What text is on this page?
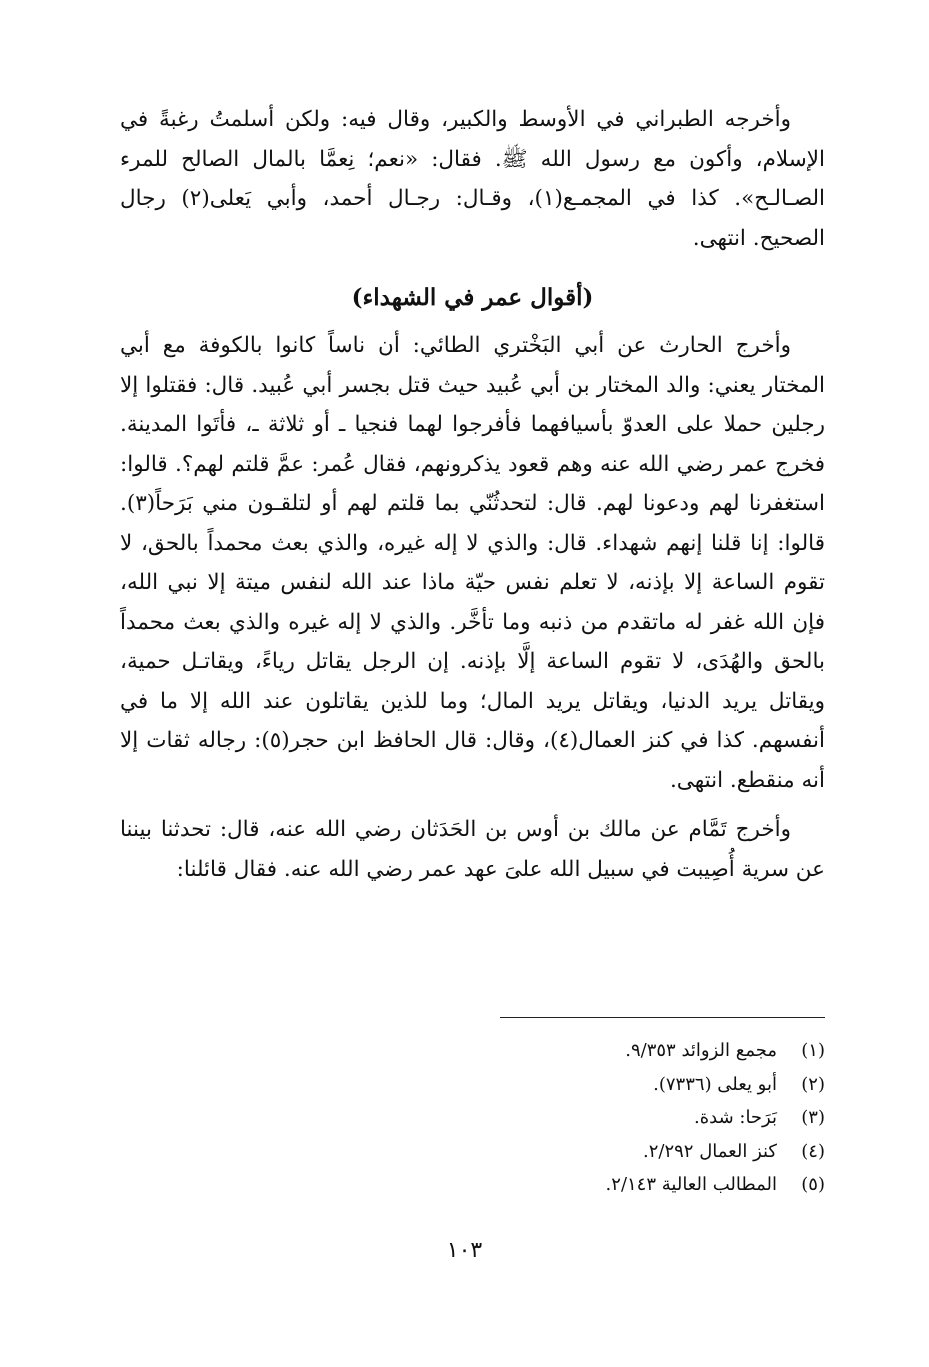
وأخرجه الطبراني في الأوسط والكبير، وقال فيه: ولكن أسلمتُ رغبةً في الإسلام، وأكون مع رسول الله ﷺ. فقال: «نعم؛ نِعمَّا بالمال الصالح للمرء الصـالـح». كذا في المجمـع(١)، وقـال: رجـال أحمد، وأبي يَعلى(٢) رجال الصحيح. انتهى.

(أقوال عمر في الشهداء)

وأخرج الحارث عن أبي البَخْتري الطائي: أن ناساً كانوا بالكوفة مع أبي المختار يعني: والد المختار بن أبي عُبيد حيث قتل بجسر أبي عُبيد. قال: فقتلوا إلا رجلين حملا على العدوّ بأسيافهما فأفرجوا لهما فنجيا ـ أو ثلاثة ـ، فأتَوا المدينة. فخرج عمر رضي الله عنه وهم قعود يذكرونهم، فقال عُمر: عمَّ قلتم لهم؟. قالوا: استغفرنا لهم ودعونا لهم. قال: لتحدثُنّي بما قلتم لهم أو لتلقـون مني بَرَحاً(٣). قالوا: إنا قلنا إنهم شهداء. قال: والذي لا إله غيره، والذي بعث محمداً بالحق، لا تقوم الساعة إلا بإذنه، لا تعلم نفس حيّة ماذا عند الله لنفس ميتة إلا نبي الله، فإن الله غفر له ماتقدم من ذنبه وما تأخَّر. والذي لا إله غيره والذي بعث محمداً بالحق والهُدَى، لا تقوم الساعة إلَّا بإذنه. إن الرجل يقاتل رياءً، ويقاتـل حمية، ويقاتل يريد الدنيا، ويقاتل يريد المال؛ وما للذين يقاتلون عند الله إلا ما في أنفسهم. كذا في كنز العمال(٤)، وقال: قال الحافظ ابن حجر(٥): رجاله ثقات إلا أنه منقطع. انتهى.

وأخرج تَمَّام عن مالك بن أوس بن الحَدَثان رضي الله عنه، قال: تحدثنا بيننا عن سرية أُصِيبت في سبيل الله علىَ عهد عمر رضي الله عنه. فقال قائلنا:

(١)
مجمع الزوائد ٩/٣٥٣.
(٢)
أبو يعلى (٧٣٣٦).
(٣)
بَرَحا: شدة.
(٤)
كنز العمال ٢/٢٩٢.
(٥)
المطالب العالية ٢/١٤٣.
١٠٣
